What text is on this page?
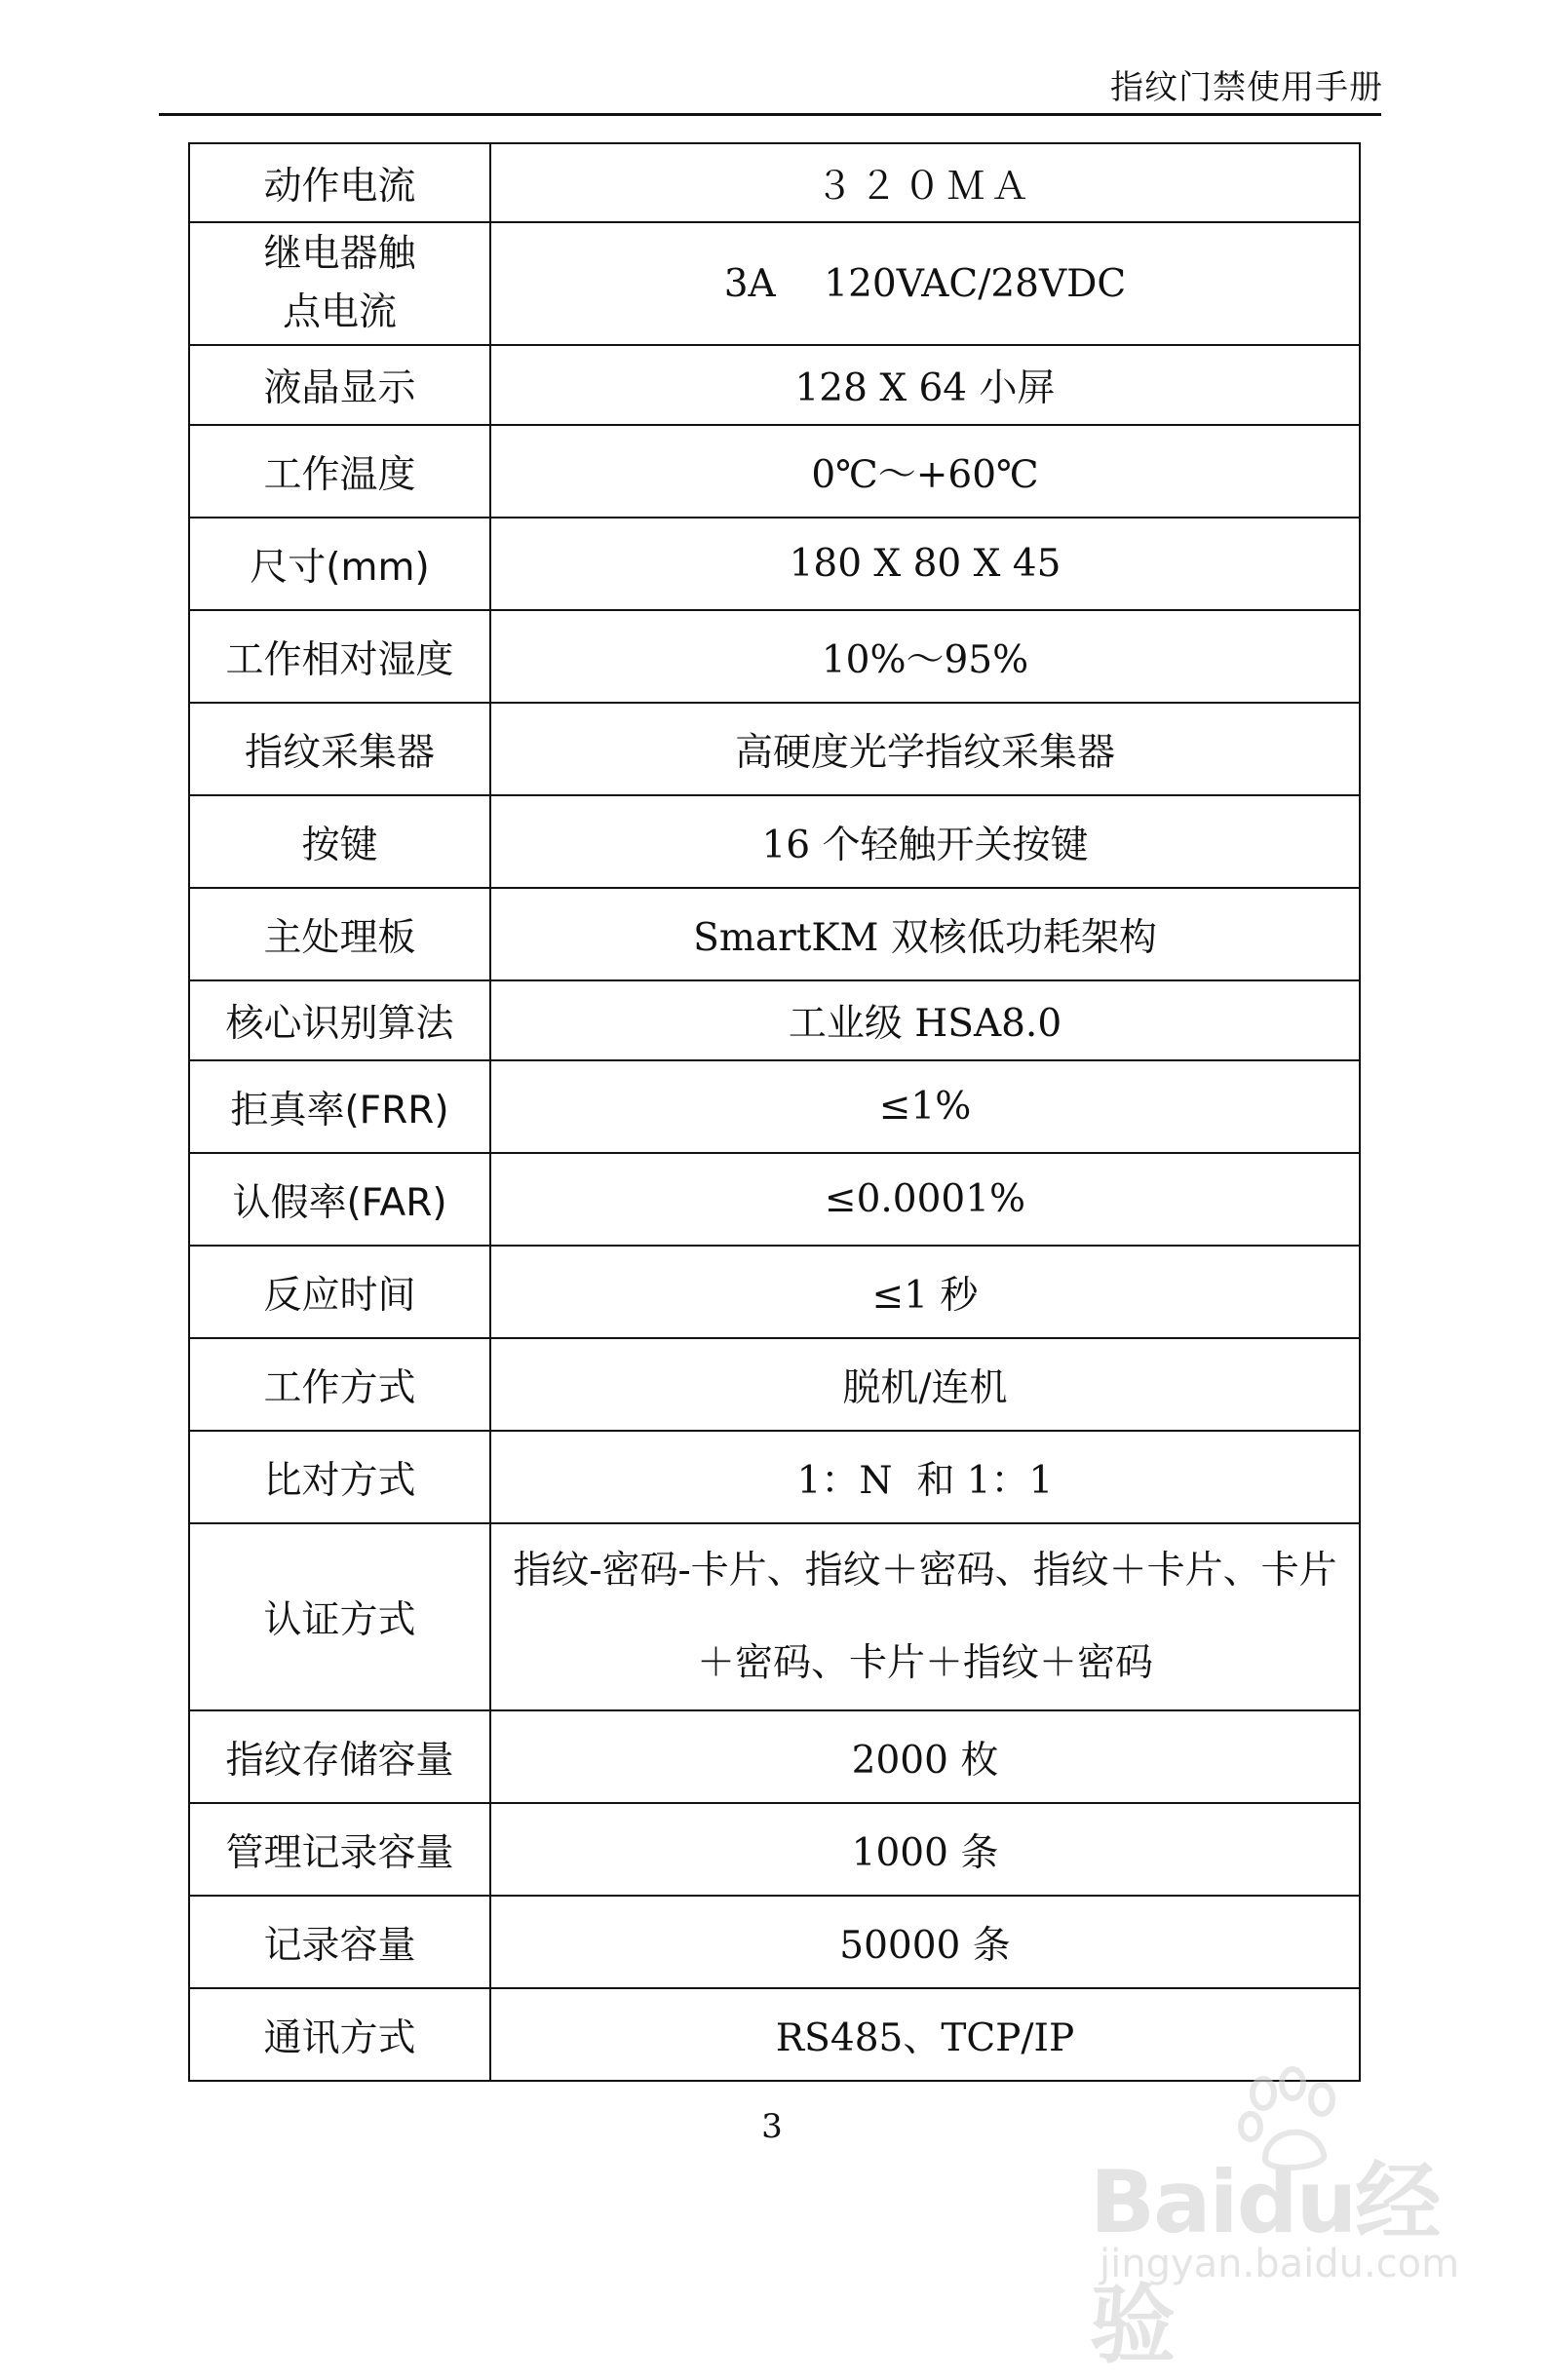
指纹门禁使用手册
动作电流	３２０ＭＡ
继电器触点电流	3A    120VAC/28VDC
液晶显示	128 X 64 小屏
工作温度	0℃～+60℃
尺寸(mm)	180 X 80 X 45
工作相对湿度	10%～95%
指纹采集器	高硬度光学指纹采集器
按键	16 个轻触开关按键
主处理板	SmartKM 双核低功耗架构
核心识别算法	工业级 HSA8.0
拒真率(FRR)	≤1%
认假率(FAR)	≤0.0001%
反应时间	≤1 秒
工作方式	脱机/连机
比对方式	1：N  和 1：1
认证方式	指纹-密码-卡片、指纹＋密码、指纹＋卡片、卡片＋密码、卡片＋指纹＋密码
指纹存储容量	2000 枚
管理记录容量	1000 条
记录容量	50000 条
通讯方式	RS485、TCP/IP
3
Baidu经验
jingyan.baidu.com
